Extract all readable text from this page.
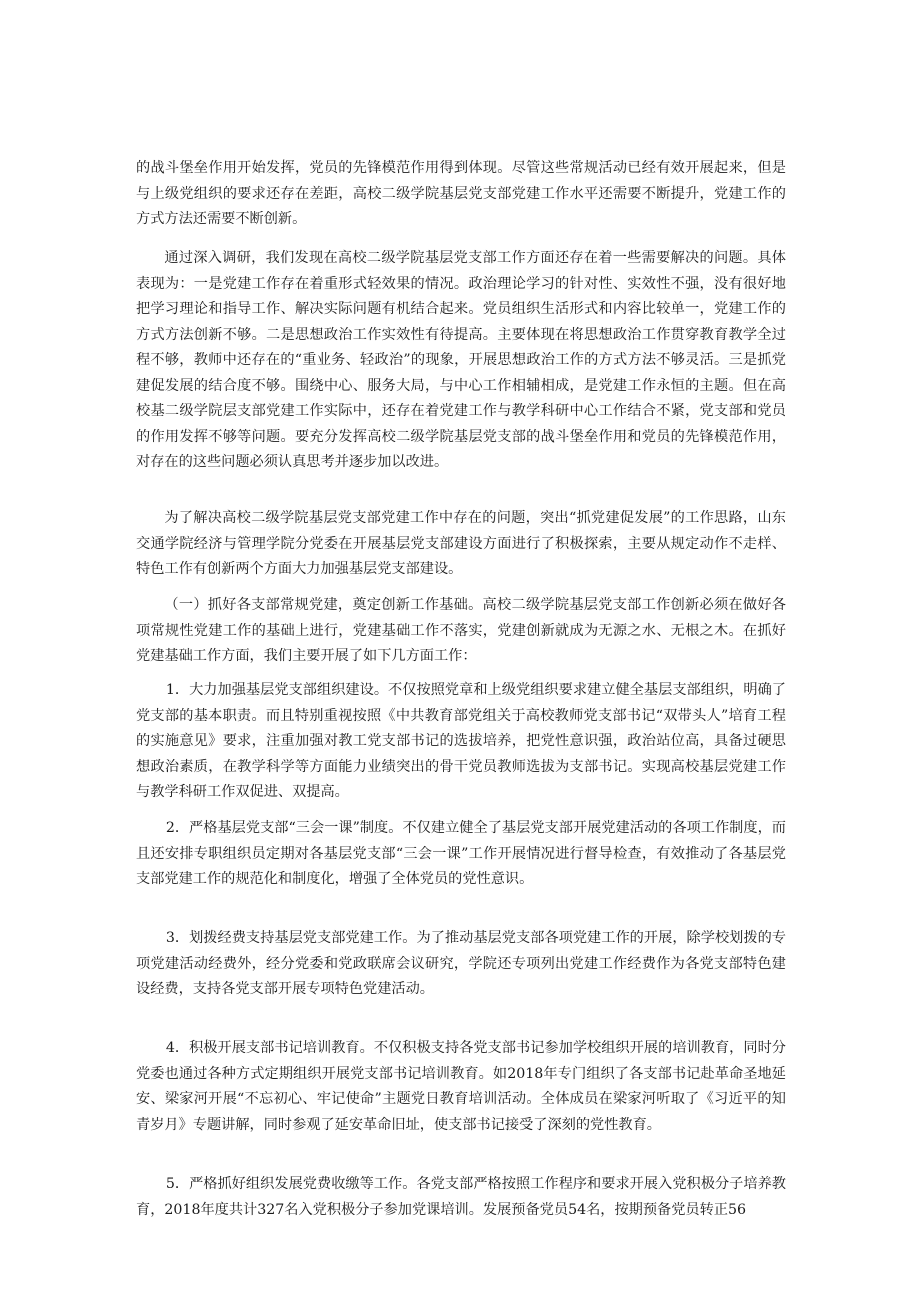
的战斗堡垒作用开始发挥，党员的先锋模范作用得到体现。尽管这些常规活动已经有效开展起来，但是与上级党组织的要求还存在差距，高校二级学院基层党支部党建工作水平还需要不断提升，党建工作的方式方法还需要不断创新。

通过深入调研，我们发现在高校二级学院基层党支部工作方面还存在着一些需要解决的问题。具体表现为：一是党建工作存在着重形式轻效果的情况。政治理论学习的针对性、实效性不强，没有很好地把学习理论和指导工作、解决实际问题有机结合起来。党员组织生活形式和内容比较单一，党建工作的方式方法创新不够。二是思想政治工作实效性有待提高。主要体现在将思想政治工作贯穿教育教学全过程不够，教师中还存在的“重业务、轻政治”的现象，开展思想政治工作的方式方法不够灵活。三是抓党建促发展的结合度不够。围绕中心、服务大局，与中心工作相辅相成，是党建工作永恒的主题。但在高校基二级学院层支部党建工作实际中，还存在着党建工作与教学科研中心工作结合不紧，党支部和党员的作用发挥不够等问题。要充分发挥高校二级学院基层党支部的战斗堡垒作用和党员的先锋模范作用，对存在的这些问题必须认真思考并逐步加以改进。

为了解决高校二级学院基层党支部党建工作中存在的问题，突出“抓党建促发展”的工作思路，山东交通学院经济与管理学院分党委在开展基层党支部建设方面进行了积极探索，主要从规定动作不走样、特色工作有创新两个方面大力加强基层党支部建设。

（一）抓好各支部常规党建，奠定创新工作基础。高校二级学院基层党支部工作创新必须在做好各项常规性党建工作的基础上进行，党建基础工作不落实，党建创新就成为无源之水、无根之木。在抓好党建基础工作方面，我们主要开展了如下几方面工作：

1．大力加强基层党支部组织建设。不仅按照党章和上级党组织要求建立健全基层支部组织，明确了党支部的基本职责。而且特别重视按照《中共教育部党组关于高校教师党支部书记“双带头人”培育工程的实施意见》要求，注重加强对教工党支部书记的选拔培养，把党性意识强，政治站位高，具备过硬思想政治素质，在教学科学等方面能力业绩突出的骨干党员教师选拔为支部书记。实现高校基层党建工作与教学科研工作双促进、双提高。

2．严格基层党支部“三会一课”制度。不仅建立健全了基层党支部开展党建活动的各项工作制度，而且还安排专职组织员定期对各基层党支部“三会一课”工作开展情况进行督导检查，有效推动了各基层党支部党建工作的规范化和制度化，增强了全体党员的党性意识。

3．划拨经费支持基层党支部党建工作。为了推动基层党支部各项党建工作的开展，除学校划拨的专项党建活动经费外，经分党委和党政联席会议研究，学院还专项列出党建工作经费作为各党支部特色建设经费，支持各党支部开展专项特色党建活动。

4．积极开展支部书记培训教育。不仅积极支持各党支部书记参加学校组织开展的培训教育，同时分党委也通过各种方式定期组织开展党支部书记培训教育。如2018年专门组织了各支部书记赴革命圣地延安、梁家河开展“不忘初心、牢记使命”主题党日教育培训活动。全体成员在梁家河听取了《习近平的知青岁月》专题讲解，同时参观了延安革命旧址，使支部书记接受了深刻的党性教育。

5．严格抓好组织发展党费收缴等工作。各党支部严格按照工作程序和要求开展入党积极分子培养教育，2018年度共计327名入党积极分子参加党课培训。发展预备党员54名，按期预备党员转正56
